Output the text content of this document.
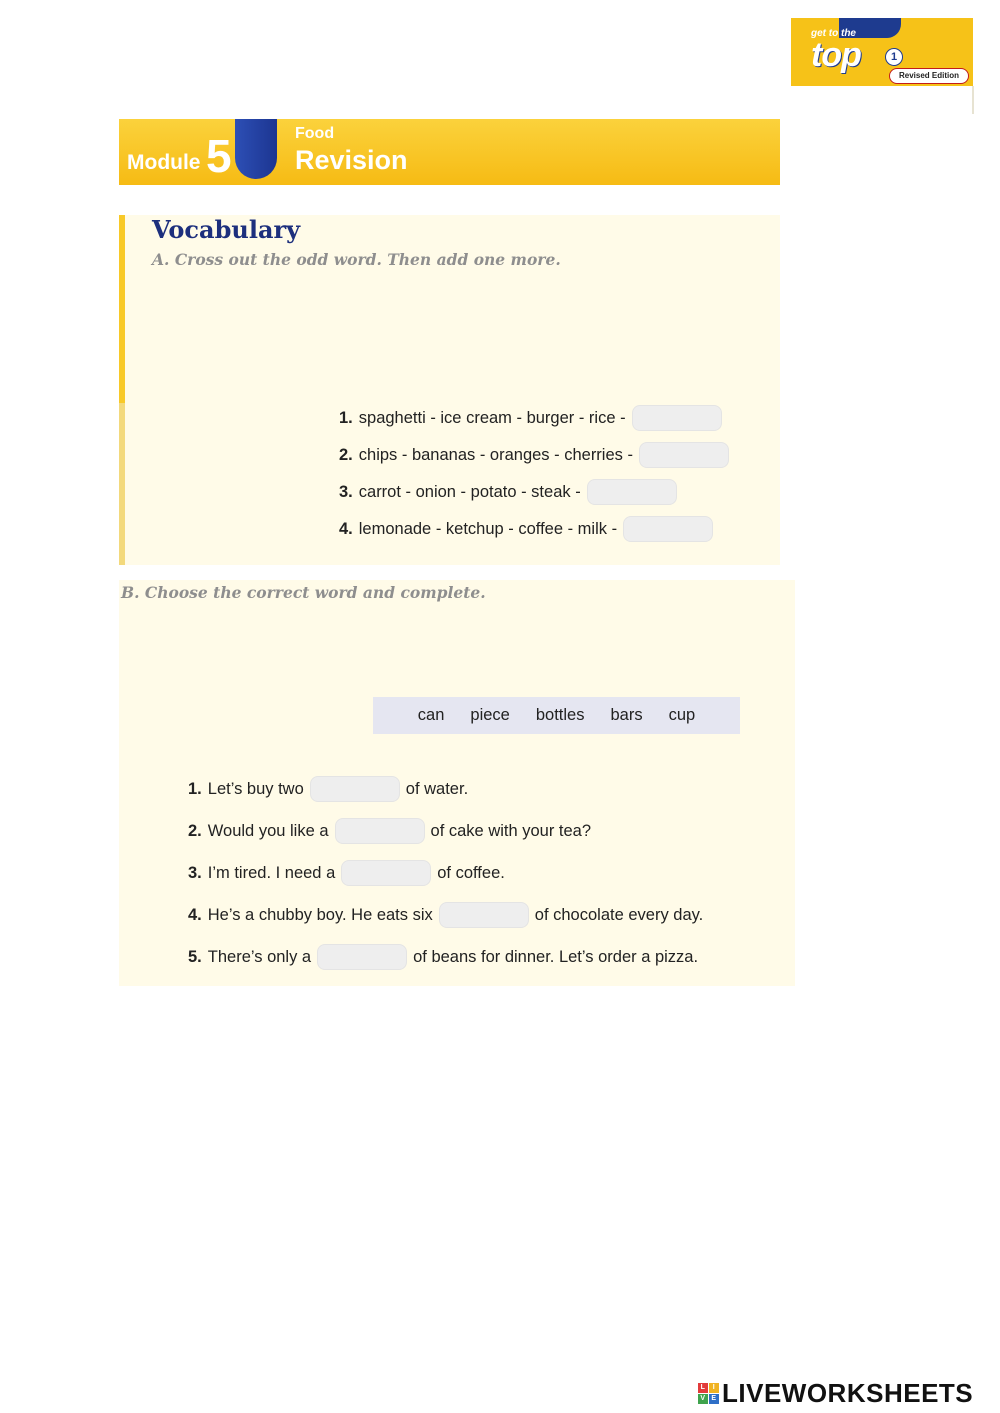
get to the
top	1
Revised Edition
Module 5	Food
Revision
Vocabulary
A. Cross out the odd word. Then add one more.
1. spaghetti - ice cream - burger - rice -
2. chips - bananas - oranges - cherries -
3. carrot - onion - potato - steak -
4. lemonade - ketchup - coffee - milk -
B. Choose the correct word and complete.
can piece bottles bars cup
1. Let’s buy two	of water.
2. Would you like a	of cake with your tea?
3. I’m tired. I need a	of coffee.
4. He’s a chubby boy. He eats six	of chocolate every day.
5. There’s only a	of beans for dinner. Let’s order a pizza.
L	I
V E LIVEWORKSHEETS
